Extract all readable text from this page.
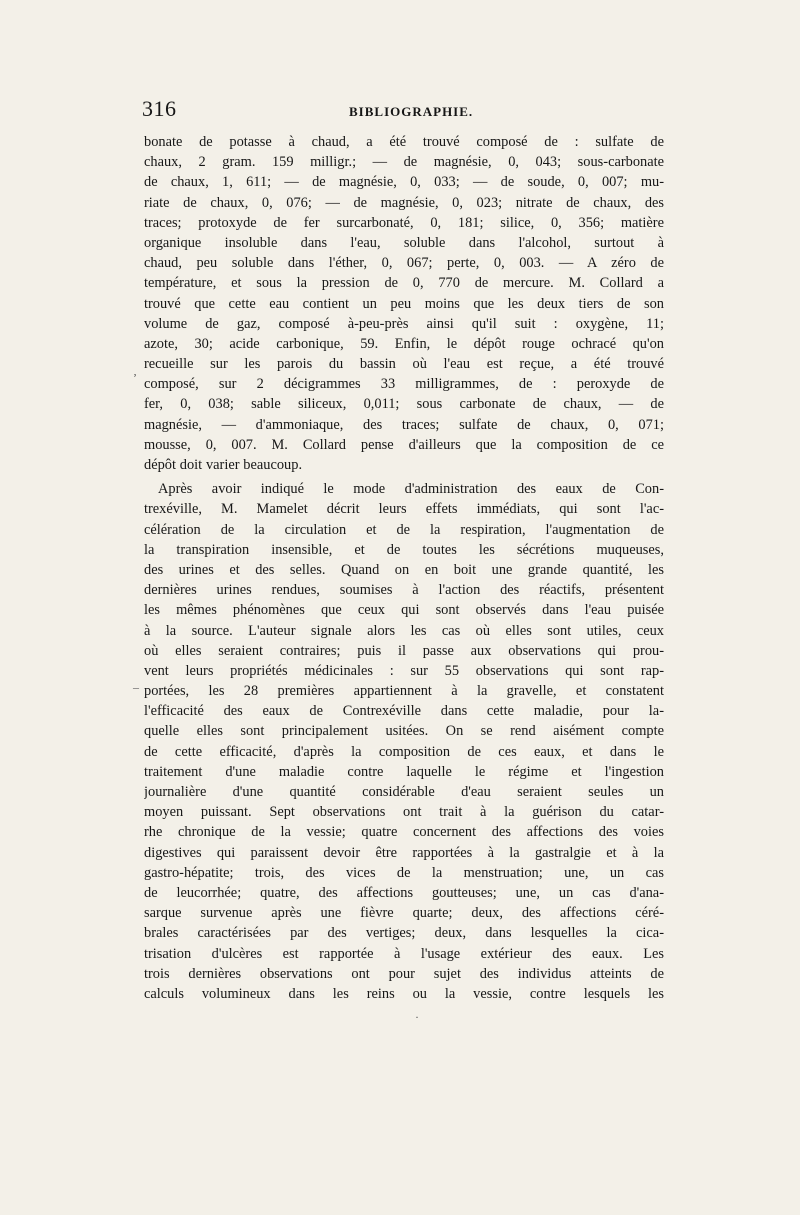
316	BIBLIOGRAPHIE.
bonate de potasse à chaud, a été trouvé composé de : sulfate de
chaux, 2 gram. 159 milligr.; — de magnésie, 0, 043; sous-carbonate
de chaux, 1, 611; — de magnésie, 0, 033; — de soude, 0, 007; mu-
riate de chaux, 0, 076; — de magnésie, 0, 023; nitrate de chaux, des
traces; protoxyde de fer surcarbonaté, 0, 181; silice, 0, 356; matière
organique insoluble dans l'eau, soluble dans l'alcohol, surtout à
chaud, peu soluble dans l'éther, 0, 067; perte, 0, 003. — A zéro de
température, et sous la pression de 0, 770 de mercure. M. Collard a
trouvé que cette eau contient un peu moins que les deux tiers de son
volume de gaz, composé à-peu-près ainsi qu'il suit : oxygène, 11;
azote, 30; acide carbonique, 59. Enfin, le dépôt rouge ochracé qu'on
recueille sur les parois du bassin où l'eau est reçue, a été trouvé
composé, sur 2 décigrammes 33 milligrammes, de : peroxyde de
fer, 0, 038; sable siliceux, 0,011; sous carbonate de chaux, — de
magnésie, — d'ammoniaque, des traces; sulfate de chaux, 0, 071;
mousse, 0, 007. M. Collard pense d'ailleurs que la composition de ce
dépôt doit varier beaucoup.
Après avoir indiqué le mode d'administration des eaux de Con-
trexéville, M. Mamelet décrit leurs effets immédiats, qui sont l'ac-
célération de la circulation et de la respiration, l'augmentation de
la transpiration insensible, et de toutes les sécrétions muqueuses,
des urines et des selles. Quand on en boit une grande quantité, les
dernières urines rendues, soumises à l'action des réactifs, présentent
les mêmes phénomènes que ceux qui sont observés dans l'eau puisée
à la source. L'auteur signale alors les cas où elles sont utiles, ceux
où elles seraient contraires; puis il passe aux observations qui prou-
vent leurs propriétés médicinales : sur 55 observations qui sont rap-
portées, les 28 premières appartiennent à la gravelle, et constatent
l'efficacité des eaux de Contrexéville dans cette maladie, pour la-
quelle elles sont principalement usitées. On se rend aisément compte
de cette efficacité, d'après la composition de ces eaux, et dans le
traitement d'une maladie contre laquelle le régime et l'ingestion
journalière d'une quantité considérable d'eau seraient seules un
moyen puissant. Sept observations ont trait à la guérison du catar-
rhe chronique de la vessie; quatre concernent des affections des voies
digestives qui paraissent devoir être rapportées à la gastralgie et à la
gastro-hépatite; trois, des vices de la menstruation; une, un cas
de leucorrhée; quatre, des affections goutteuses; une, un cas d'ana-
sarque survenue après une fièvre quarte; deux, des affections céré-
brales caractérisées par des vertiges; deux, dans lesquelles la cica-
trisation d'ulcères est rapportée à l'usage extérieur des eaux. Les
trois dernières observations ont pour sujet des individus atteints de
calculs volumineux dans les reins ou la vessie, contre lesquels les
ʼ
–
·
